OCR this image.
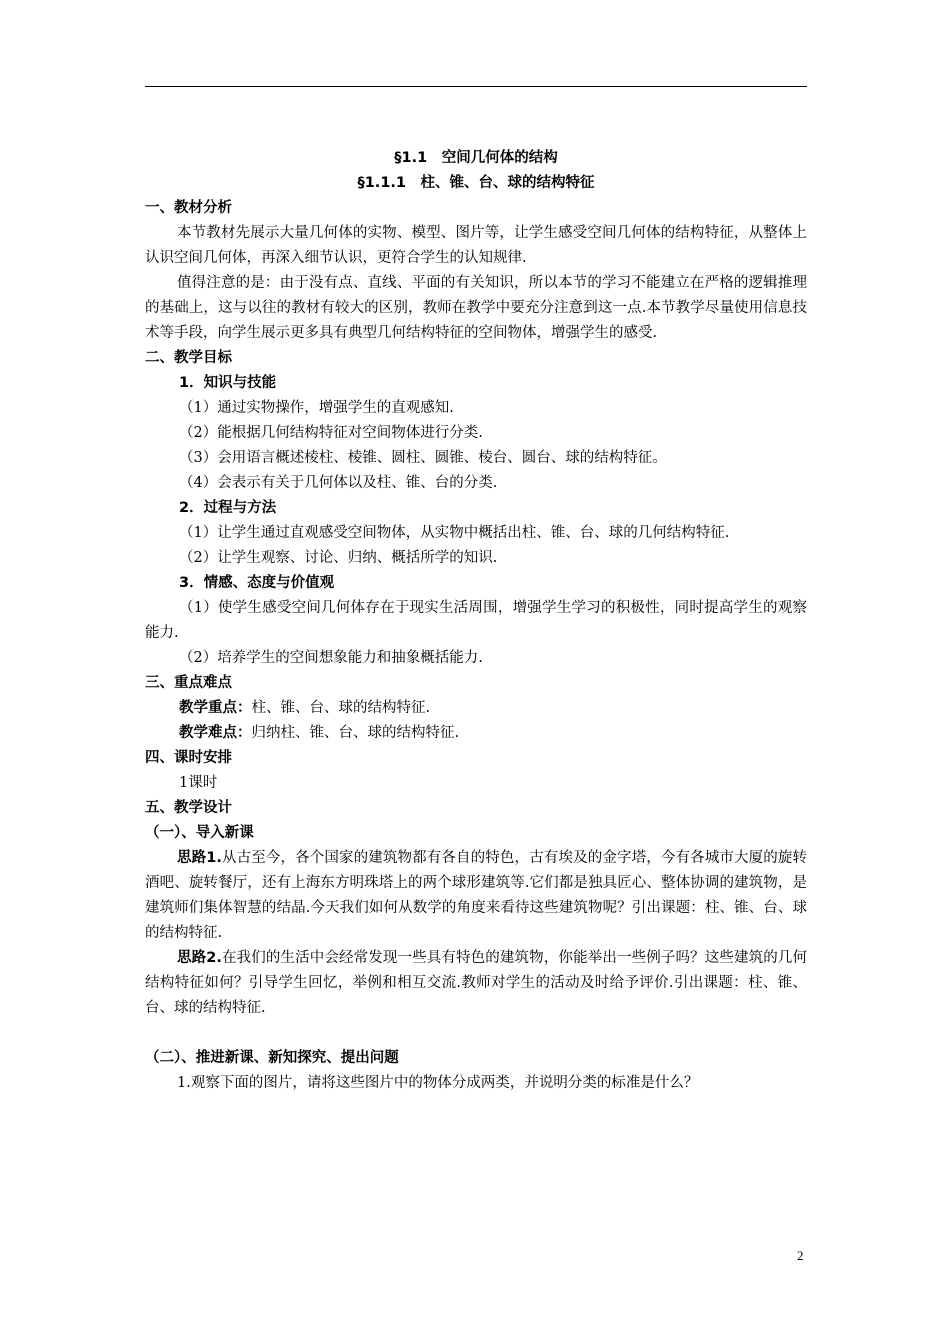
§1.1　空间几何体的结构
§1.1.1　柱、锥、台、球的结构特征
一、教材分析
本节教材先展示大量几何体的实物、模型、图片等，让学生感受空间几何体的结构特征，从整体上认识空间几何体，再深入细节认识，更符合学生的认知规律.
值得注意的是：由于没有点、直线、平面的有关知识，所以本节的学习不能建立在严格的逻辑推理的基础上，这与以往的教材有较大的区别，教师在教学中要充分注意到这一点.本节教学尽量使用信息技术等手段，向学生展示更多具有典型几何结构特征的空间物体，增强学生的感受.
二、教学目标
1．知识与技能
（1）通过实物操作，增强学生的直观感知.
（2）能根据几何结构特征对空间物体进行分类.
（3）会用语言概述棱柱、棱锥、圆柱、圆锥、棱台、圆台、球的结构特征。
（4）会表示有关于几何体以及柱、锥、台的分类.
2．过程与方法
（1）让学生通过直观感受空间物体，从实物中概括出柱、锥、台、球的几何结构特征.
（2）让学生观察、讨论、归纳、概括所学的知识.
3．情感、态度与价值观
（1）使学生感受空间几何体存在于现实生活周围，增强学生学习的积极性，同时提高学生的观察能力.
（2）培养学生的空间想象能力和抽象概括能力.
三、重点难点
教学重点：柱、锥、台、球的结构特征.
教学难点：归纳柱、锥、台、球的结构特征.
四、课时安排
1课时
五、教学设计
（一）、导入新课
思路1.从古至今，各个国家的建筑物都有各自的特色，古有埃及的金字塔，今有各城市大厦的旋转酒吧、旋转餐厅，还有上海东方明珠塔上的两个球形建筑等.它们都是独具匠心、整体协调的建筑物，是建筑师们集体智慧的结晶.今天我们如何从数学的角度来看待这些建筑物呢？引出课题：柱、锥、台、球的结构特征.
思路2.在我们的生活中会经常发现一些具有特色的建筑物，你能举出一些例子吗？这些建筑的几何结构特征如何？引导学生回忆，举例和相互交流.教师对学生的活动及时给予评价.引出课题：柱、锥、台、球的结构特征.
（二）、推进新课、新知探究、提出问题
1.观察下面的图片，请将这些图片中的物体分成两类，并说明分类的标准是什么？
2
